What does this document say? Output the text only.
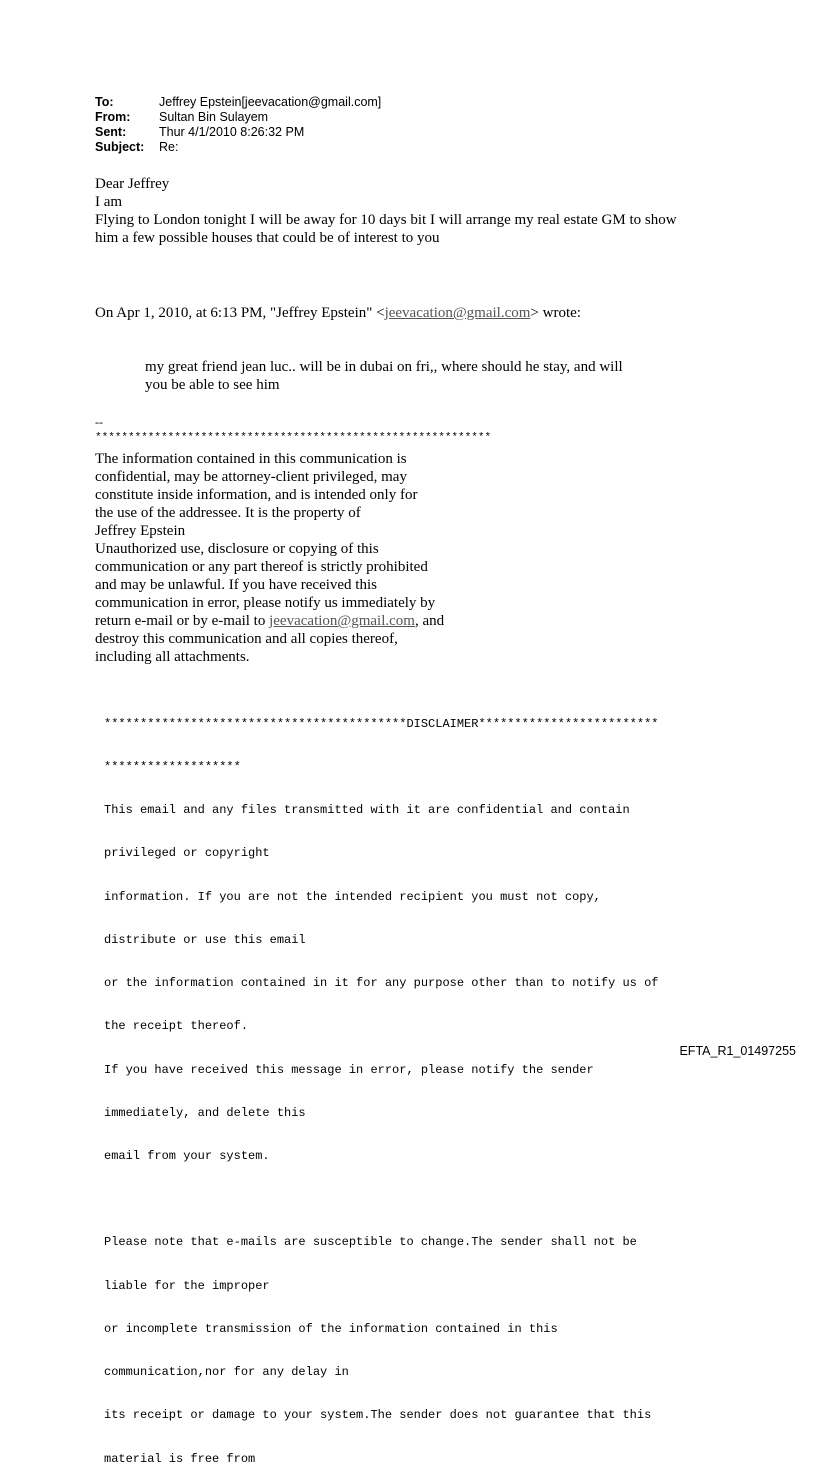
To:	Jeffrey Epstein[jeevacation@gmail.com]
From:	Sultan Bin Sulayem
Sent:	Thur 4/1/2010 8:26:32 PM
Subject:	Re:
Dear Jeffrey
I am
Flying to London tonight I will be away for 10 days bit I will arrange my real estate GM to show
him a few possible houses that could be of interest to you
On Apr 1, 2010, at 6:13 PM, "Jeffrey Epstein" <jeevacation@gmail.com> wrote:
my great friend jean luc.. will be in dubai on fri,, where should he stay, and will
you be able to see him
--
************************************************************
The information contained in this communication is
confidential, may be attorney-client privileged, may
constitute inside information, and is intended only for
the use of the addressee. It is the property of
Jeffrey Epstein
Unauthorized use, disclosure or copying of this
communication or any part thereof is strictly prohibited
and may be unlawful. If you have received this
communication in error, please notify us immediately by
return e-mail or by e-mail to jeevacation@gmail.com, and
destroy this communication and all copies thereof,
including all attachments.

******************************************DISCLAIMER*************************

*******************

This email and any files transmitted with it are confidential and contain

privileged or copyright

information. If you are not the intended recipient you must not copy,

distribute or use this email

or the information contained in it for any purpose other than to notify us of

the receipt thereof.

If you have received this message in error, please notify the sender

immediately, and delete this

email from your system.

Please note that e-mails are susceptible to change.The sender shall not be

liable for the improper

or incomplete transmission of the information contained in this

communication,nor for any delay in

its receipt or damage to your system.The sender does not guarantee that this

material is free from

EFTA_R1_01497255
